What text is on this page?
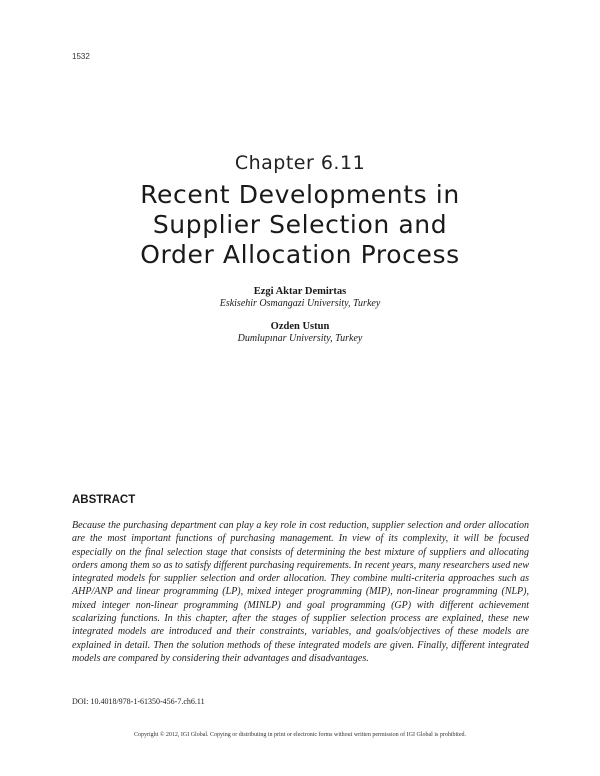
1532
Chapter 6.11
Recent Developments in
Supplier Selection and
Order Allocation Process
Ezgi Aktar Demirtas
Eskisehir Osmangazi University, Turkey
Ozden Ustun
Dumlupınar University, Turkey
ABSTRACT

Because the purchasing department can play a key role in cost reduction, supplier selection and order allocation are the most important functions of purchasing management. In view of its complexity, it will be focused especially on the final selection stage that consists of determining the best mixture of suppliers and allocating orders among them so as to satisfy different purchasing requirements. In recent years, many researchers used new integrated models for supplier selection and order allocation. They combine multi-criteria approaches such as AHP/ANP and linear programming (LP), mixed integer programming (MIP), non-linear programming (NLP), mixed integer non-linear programming (MINLP) and goal programming (GP) with different achievement scalarizing functions. In this chapter, after the stages of supplier selection process are explained, these new integrated models are introduced and their constraints, variables, and goals/objectives of these models are explained in detail. Then the solution methods of these integrated models are given. Finally, different integrated models are compared by considering their advantages and disadvantages.

DOI: 10.4018/978-1-61350-456-7.ch6.11
Copyright © 2012, IGI Global. Copying or distributing in print or electronic forms without written permission of IGI Global is prohibited.
